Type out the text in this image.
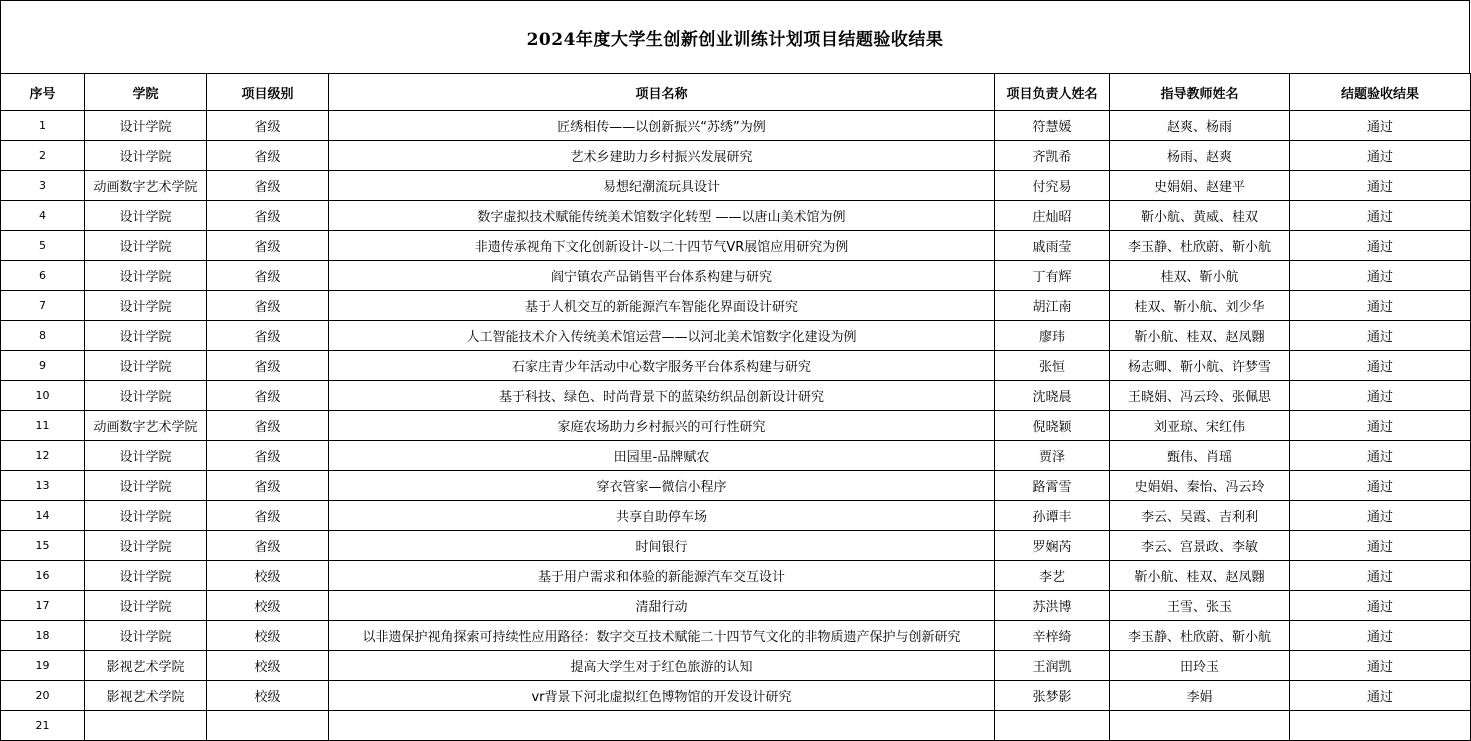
2024年度大学生创新创业训练计划项目结题验收结果
序号	学院	项目级别	项目名称	项目负责人姓名	指导教师姓名	结题验收结果
1	设计学院	省级	匠绣相传——以创新振兴“苏绣”为例	符慧媛	赵爽、杨雨	通过
2	设计学院	省级	艺术乡建助力乡村振兴发展研究	齐凯希	杨雨、赵爽	通过
3	动画数字艺术学院	省级	易想纪潮流玩具设计	付究易	史娟娟、赵建平	通过
4	设计学院	省级	数字虚拟技术赋能传统美术馆数字化转型 ——以唐山美术馆为例	庄灿昭	靳小航、黄威、桂双	通过
5	设计学院	省级	非遗传承视角下文化创新设计-以二十四节气VR展馆应用研究为例	戚雨莹	李玉静、杜欣蔚、靳小航	通过
6	设计学院	省级	阎宁镇农产品销售平台体系构建与研究	丁有辉	桂双、靳小航	通过
7	设计学院	省级	基于人机交互的新能源汽车智能化界面设计研究	胡江南	桂双、靳小航、刘少华	通过
8	设计学院	省级	人工智能技术介入传统美术馆运营——以河北美术馆数字化建设为例	廖玮	靳小航、桂双、赵凤翾	通过
9	设计学院	省级	石家庄青少年活动中心数字服务平台体系构建与研究	张恒	杨志卿、靳小航、许梦雪	通过
10	设计学院	省级	基于科技、绿色、时尚背景下的蓝染纺织品创新设计研究	沈晓晨	王晓娟、冯云玲、张佩思	通过
11	动画数字艺术学院	省级	家庭农场助力乡村振兴的可行性研究	倪晓颖	刘亚琼、宋红伟	通过
12	设计学院	省级	田园里-品牌赋农	贾泽	甄伟、肖瑶	通过
13	设计学院	省级	穿衣管家—微信小程序	路霄雪	史娟娟、秦怡、冯云玲	通过
14	设计学院	省级	共享自助停车场	孙谭丰	李云、吴霞、吉利利	通过
15	设计学院	省级	时间银行	罗娴芮	李云、宫景政、李敏	通过
16	设计学院	校级	基于用户需求和体验的新能源汽车交互设计	李艺	靳小航、桂双、赵凤翾	通过
17	设计学院	校级	清甜行动	苏洪博	王雪、张玉	通过
18	设计学院	校级	以非遗保护视角探索可持续性应用路径：数字交互技术赋能二十四节气文化的非物质遗产保护与创新研究	辛梓绮	李玉静、杜欣蔚、靳小航	通过
19	影视艺术学院	校级	提高大学生对于红色旅游的认知	王润凯	田玲玉	通过
20	影视艺术学院	校级	vr背景下河北虚拟红色博物馆的开发设计研究	张梦影	李娟	通过
21						
